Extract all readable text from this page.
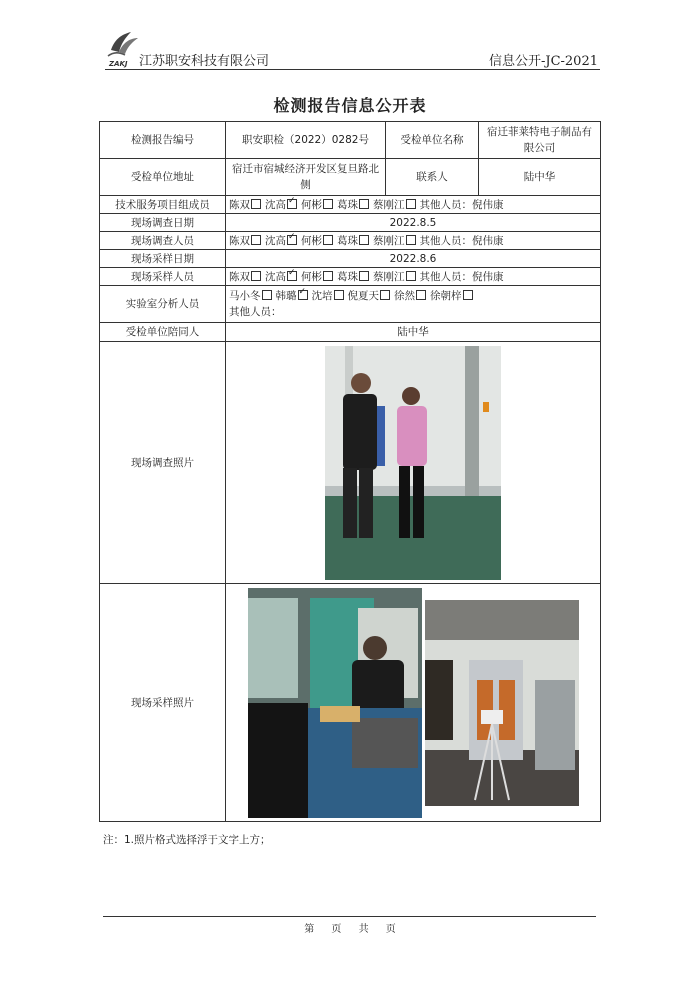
ZAKJ 江苏职安科技有限公司	信息公开-JC-2021
检测报告信息公开表
检测报告编号	职安职检（2022）0282号	受检单位名称	宿迁菲莱特电子制品有限公司
受检单位地址	宿迁市宿城经济开发区复旦路北侧	联系人	陆中华
技术服务项目组成员	陈双 沈高 ✓ 何彬 葛珠 蔡刚江 其他人员：倪伟康
现场调查日期	2022.8.5		
现场调查人员	陈双 沈高 ✓ 何彬 葛珠 蔡刚江 其他人员：倪伟康
现场采样日期	2022.8.6		
现场采样人员	陈双 沈高 ✓ 何彬 葛珠 蔡刚江 其他人员：倪伟康
实验室分析人员	马小冬 韩璐 ✓ 沈培 倪夏天 徐然 徐朝梓
其他人员：
受检单位陪同人	陆中华		
现场调查照片	

现场采样照片	
注：1.照片格式选择浮于文字上方；
第 页 共 页
